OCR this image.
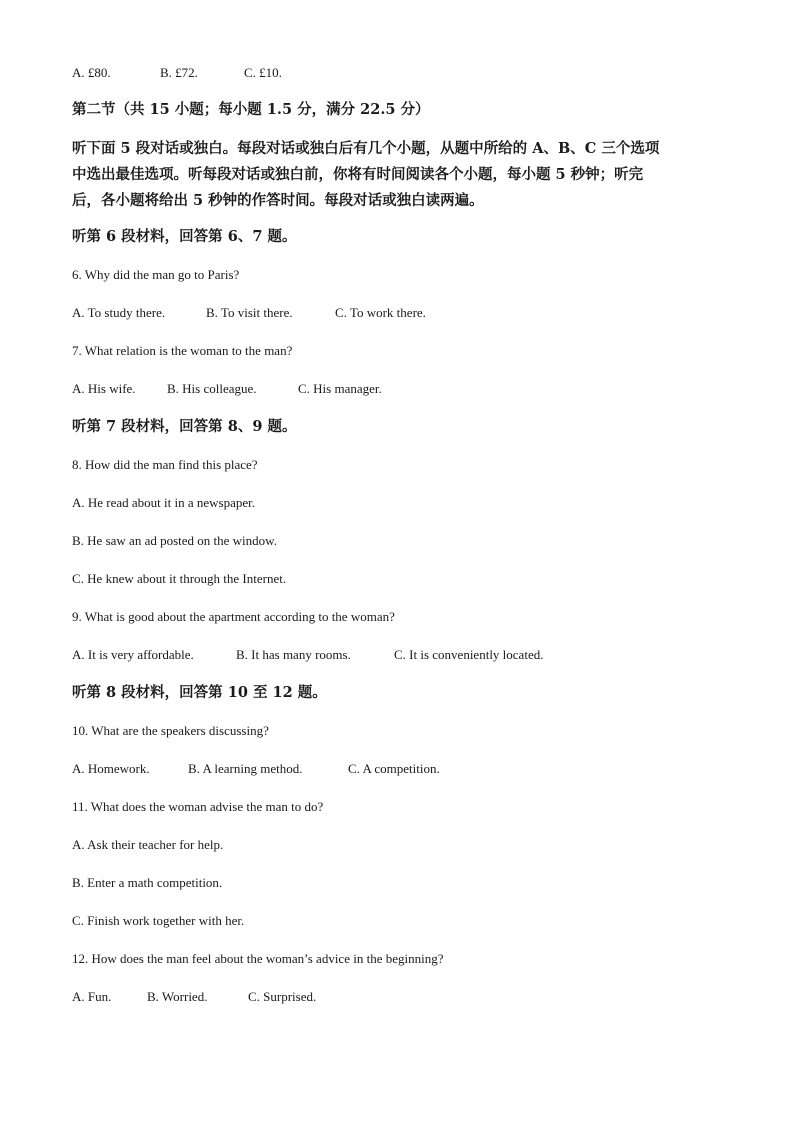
A. £80.	B. £72.	C. £10.
第二节（共 15 小题；每小题 1.5 分，满分 22.5 分）
听下面 5 段对话或独白。每段对话或独白后有几个小题，从题中所给的 A、B、C 三个选项
中选出最佳选项。听每段对话或独白前，你将有时间阅读各个小题，每小题 5 秒钟；听完
后，各小题将给出 5 秒钟的作答时间。每段对话或独白读两遍。
听第 6 段材料，回答第 6、7 题。
6. Why did the man go to Paris?
A. To study there.	B. To visit there.	C. To work there.
7. What relation is the woman to the man?
A. His wife.	B. His colleague.	C. His manager.
听第 7 段材料，回答第 8、9 题。
8. How did the man find this place?
A. He read about it in a newspaper.
B. He saw an ad posted on the window.
C. He knew about it through the Internet.
9. What is good about the apartment according to the woman?
A. It is very affordable.	B. It has many rooms.	C. It is conveniently located.
听第 8 段材料，回答第 10 至 12 题。
10. What are the speakers discussing?
A. Homework.	B. A learning method.	C. A competition.
11. What does the woman advise the man to do?
A. Ask their teacher for help.
B. Enter a math competition.
C. Finish work together with her.
12. How does the man feel about the woman’s advice in the beginning?
A. Fun.	B. Worried.	C. Surprised.
